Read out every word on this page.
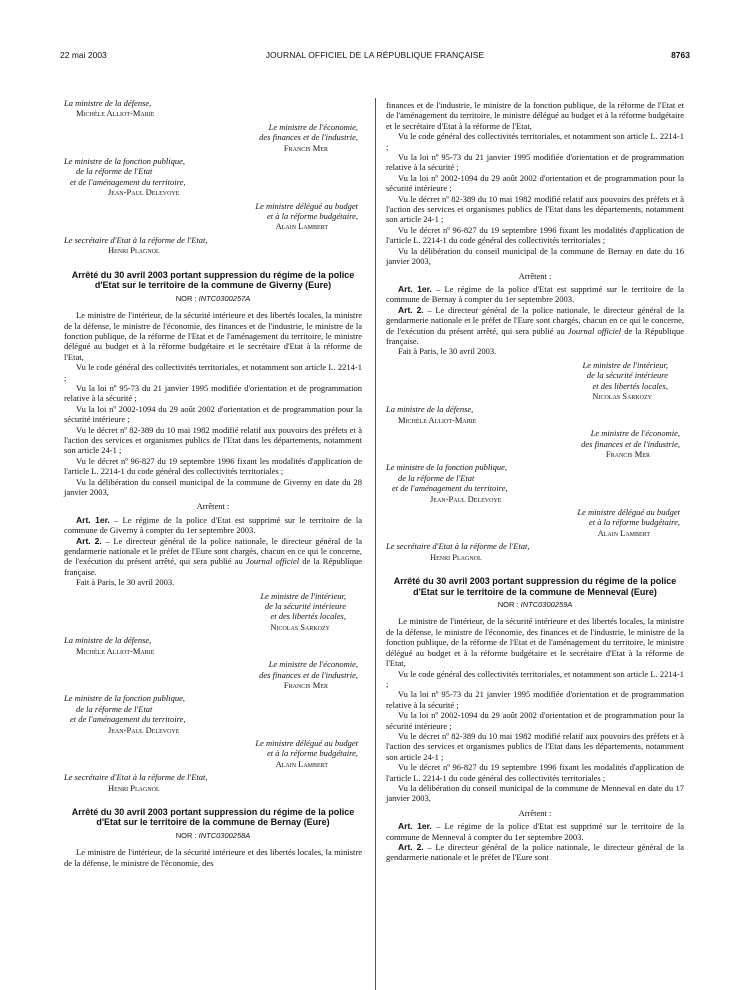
22 mai 2003	JOURNAL OFFICIEL DE LA RÉPUBLIQUE FRANÇAISE	8763
La ministre de la défense,

Michèle Alliot-Marie
Le ministre de l'économie,
des finances et de l'industrie,

Francis Mer
Le ministre de la fonction publique,
de la réforme de l'Etat
et de l'aménagement du territoire,

Jean-Paul Delevoye
Le ministre délégué au budget
et à la réforme budgétaire,

Alain Lambert
Le secrétaire d'Etat à la réforme de l'Etat,

Henri Plagnol
Arrêté du 30 avril 2003 portant suppression du régime de la police d'Etat sur le territoire de la commune de Giverny (Eure)
NOR : INTC0300257A

Le ministre de l'intérieur, de la sécurité intérieure et des libertés locales, la ministre de la défense, le ministre de l'économie, des finances et de l'industrie, le ministre de la fonction publique, de la réforme de l'Etat et de l'aménagement du territoire, le ministre délégué au budget et à la réforme budgétaire et le secrétaire d'Etat à la réforme de l'Etat,

Vu le code général des collectivités territoriales, et notamment son article L. 2214-1 ;

Vu la loi nº 95-73 du 21 janvier 1995 modifiée d'orientation et de programmation relative à la sécurité ;

Vu la loi nº 2002-1094 du 29 août 2002 d'orientation et de programmation pour la sécurité intérieure ;

Vu le décret nº 82-389 du 10 mai 1982 modifié relatif aux pouvoirs des préfets et à l'action des services et organismes publics de l'Etat dans les départements, notamment son article 24-1 ;

Vu le décret nº 96-827 du 19 septembre 1996 fixant les modalités d'application de l'article L. 2214-1 du code général des collectivités territoriales ;

Vu la délibération du conseil municipal de la commune de Giverny en date du 28 janvier 2003,

Arrêtent :

Art. 1er. – Le régime de la police d'Etat est supprimé sur le territoire de la commune de Giverny à compter du 1er septembre 2003.

Art. 2. – Le directeur général de la police nationale, le directeur général de la gendarmerie nationale et le préfet de l'Eure sont chargés, chacun en ce qui le concerne, de l'exécution du présent arrêté, qui sera publié au Journal officiel de la République française.

Fait à Paris, le 30 avril 2003.

Le ministre de l'intérieur,
de la sécurité intérieure
et des libertés locales,

Nicolas Sarkozy
La ministre de la défense,

Michèle Alliot-Marie
Le ministre de l'économie,
des finances et de l'industrie,

Francis Mer
Le ministre de la fonction publique,
de la réforme de l'Etat
et de l'aménagement du territoire,

Jean-Paul Delevoye
Le ministre délégué au budget
et à la réforme budgétaire,

Alain Lambert
Le secrétaire d'Etat à la réforme de l'Etat,

Henri Plagnol
Arrêté du 30 avril 2003 portant suppression du régime de la police d'Etat sur le territoire de la commune de Bernay (Eure)
NOR : INTC0300258A

Le ministre de l'intérieur, de la sécurité intérieure et des libertés locales, la ministre de la défense, le ministre de l'économie, des

finances et de l'industrie, le ministre de la fonction publique, de la réforme de l'Etat et de l'aménagement du territoire, le ministre délégué au budget et à la réforme budgétaire et le secrétaire d'Etat à la réforme de l'Etat,

Vu le code général des collectivités territoriales, et notamment son article L. 2214-1 ;

Vu la loi nº 95-73 du 21 janvier 1995 modifiée d'orientation et de programmation relative à la sécurité ;

Vu la loi nº 2002-1094 du 29 août 2002 d'orientation et de programmation pour la sécurité intérieure ;

Vu le décret nº 82-389 du 10 mai 1982 modifié relatif aux pouvoirs des préfets et à l'action des services et organismes publics de l'Etat dans les départements, notamment son article 24-1 ;

Vu le décret nº 96-827 du 19 septembre 1996 fixant les modalités d'application de l'article L. 2214-1 du code général des collectivités territoriales ;

Vu la délibération du conseil municipal de la commune de Bernay en date du 16 janvier 2003,

Arrêtent :

Art. 1er. – Le régime de la police d'Etat est supprimé sur le territoire de la commune de Bernay à compter du 1er septembre 2003.

Art. 2. – Le directeur général de la police nationale, le directeur général de la gendarmerie nationale et le préfet de l'Eure sont chargés, chacun en ce qui le concerne, de l'exécution du présent arrêté, qui sera publié au Journal officiel de la République française.

Fait à Paris, le 30 avril 2003.

Le ministre de l'intérieur,
de la sécurité intérieure
et des libertés locales,

Nicolas Sarkozy
La ministre de la défense,

Michèle Alliot-Marie
Le ministre de l'économie,
des finances et de l'industrie,

Francis Mer
Le ministre de la fonction publique,
de la réforme de l'Etat
et de l'aménagement du territoire,

Jean-Paul Delevoye
Le ministre délégué au budget
et à la réforme budgétaire,

Alain Lambert
Le secrétaire d'Etat à la réforme de l'Etat,

Henri Plagnol
Arrêté du 30 avril 2003 portant suppression du régime de la police d'Etat sur le territoire de la commune de Menneval (Eure)
NOR : INTC0300259A

Le ministre de l'intérieur, de la sécurité intérieure et des libertés locales, la ministre de la défense, le ministre de l'économie, des finances et de l'industrie, le ministre de la fonction publique, de la réforme de l'Etat et de l'aménagement du territoire, le ministre délégué au budget et à la réforme budgétaire et le secrétaire d'Etat à la réforme de l'Etat,

Vu le code général des collectivités territoriales, et notamment son article L. 2214-1 ;

Vu la loi nº 95-73 du 21 janvier 1995 modifiée d'orientation et de programmation relative à la sécurité ;

Vu la loi nº 2002-1094 du 29 août 2002 d'orientation et de programmation pour la sécurité intérieure ;

Vu le décret nº 82-389 du 10 mai 1982 modifié relatif aux pouvoirs des préfets et à l'action des services et organismes publics de l'Etat dans les départements, notamment son article 24-1 ;

Vu le décret nº 96-827 du 19 septembre 1996 fixant les modalités d'application de l'article L. 2214-1 du code général des collectivités territoriales ;

Vu la délibération du conseil municipal de la commune de Menneval en date du 17 janvier 2003,

Arrêtent :

Art. 1er. – Le régime de la police d'Etat est supprimé sur le territoire de la commune de Menneval à compter du 1er septembre 2003.

Art. 2. – Le directeur général de la police nationale, le directeur général de la gendarmerie nationale et le préfet de l'Eure sont
